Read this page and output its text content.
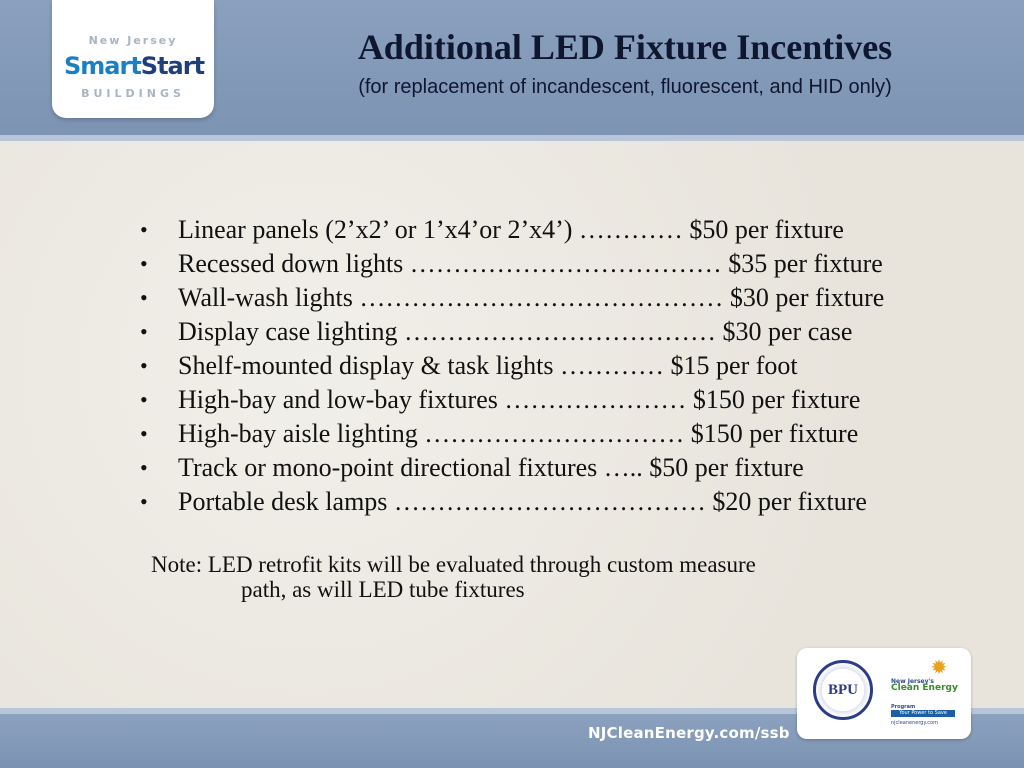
New Jersey
SmartStart
BUILDINGS
Additional LED Fixture Incentives
(for replacement of incandescent, fluorescent, and HID only)
• Linear panels (2’x2’ or 1’x4’or 2’x4’) ………… $50 per fixture
• Recessed down lights ……………………………… $35 per fixture
• Wall-wash lights …………………………………… $30 per fixture
• Display case lighting ……………………………… $30 per case
• Shelf-mounted display & task lights ………… $15 per foot
• High-bay and low-bay fixtures ………………… $150 per fixture
• High-bay aisle lighting ………………………… $150 per fixture
• Track or mono-point directional fixtures ….. $50 per fixture
• Portable desk lamps ……………………………… $20 per fixture
Note: LED retrofit kits will be evaluated through custom measure
path, as will LED tube fixtures
NJCleanEnergy.com/ssb
BPU
✹
New Jersey's
Clean Energy
Program
Your Power to Save
njcleanenergy.com
